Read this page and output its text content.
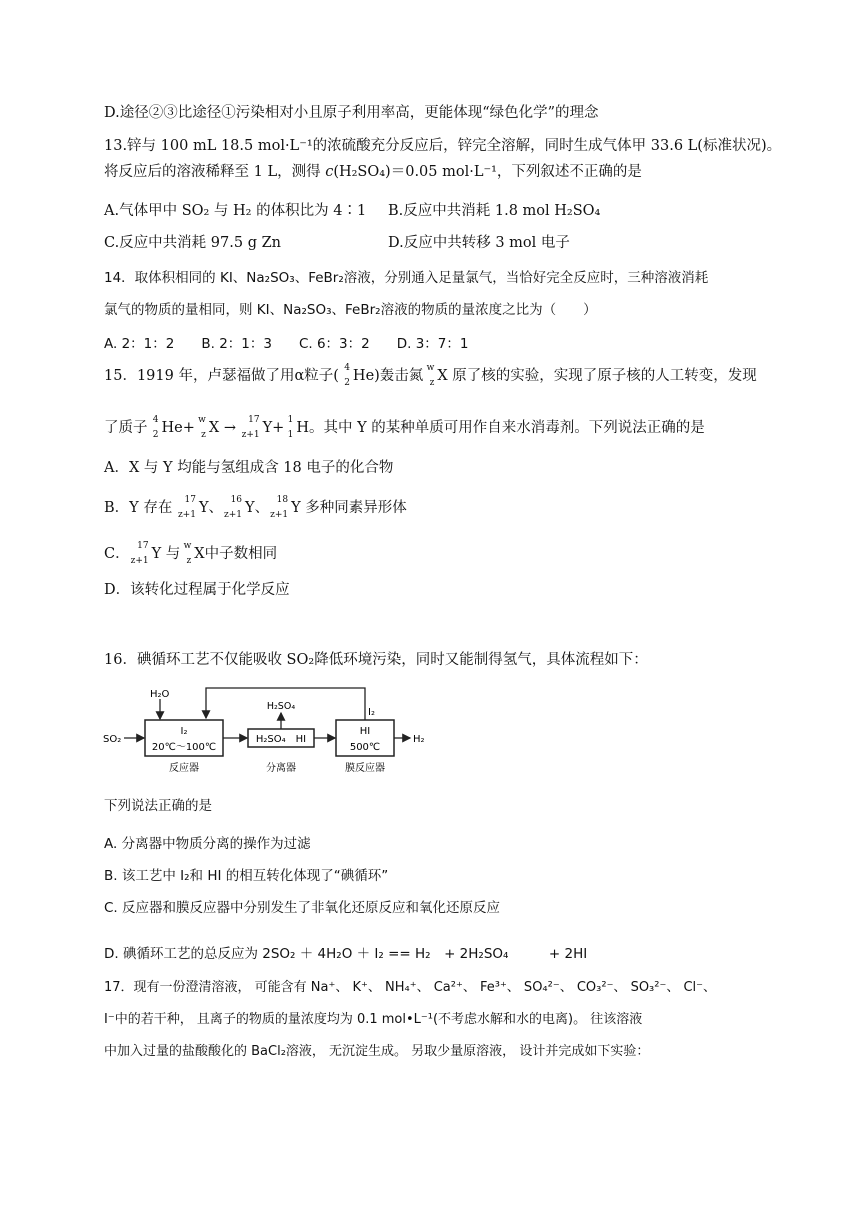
D.途径②③比途径①污染相对小且原子利用率高，更能体现“绿色化学”的理念
13.锌与 100 mL 18.5 mol·L⁻¹的浓硫酸充分反应后，锌完全溶解，同时生成气体甲 33.6 L(标准状况)。
将反应后的溶液稀释至 1 L，测得 c(H₂SO₄)＝0.05 mol·L⁻¹，下列叙述不正确的是
A.气体甲中 SO₂ 与 H₂ 的体积比为 4∶1 B.反应中共消耗 1.8 mol H₂SO₄
C.反应中共消耗 97.5 g Zn	D.反应中共转移 3 mol 电子
14．取体积相同的 KI、Na₂SO₃、FeBr₂溶液，分别通入足量氯气，当恰好完全反应时，三种溶液消耗
氯气的物质的量相同，则 KI、Na₂SO₃、FeBr₂溶液的物质的量浓度之比为（　　）
A. 2：1：2　　B. 2：1：3　　C. 6：3：2　　D. 3：7：1
15．1919 年，卢瑟福做了用α粒子( 4
2 He)轰击氮 w
z X 原了核的实验，实现了原子核的人工转变，发现
了质子 4
2 He+ w
z X → 17
z+1 Y+ 1
1 H。其中 Y 的某种单质可用作自来水消毒剂。下列说法正确的是
A．X 与 Y 均能与氢组成含 18 电子的化合物
B．Y 存在 17
z+1 Y、 16
z+1 Y、 18
z+1 Y 多种同素异形体
C． 17
z+1 Y 与 w
z X中子数相同
D．该转化过程属于化学反应
16．碘循环工艺不仅能吸收 SO₂降低环境污染，同时又能制得氢气，具体流程如下：
SO₂
H₂O
I₂
I₂
20℃～100℃
反应器
H₂SO₄
H₂SO₄　HI
分离器
HI
500℃
膜反应器
H₂
下列说法正确的是
A. 分离器中物质分离的操作为过滤
B. 该工艺中 I₂和 HI 的相互转化体现了“碘循环”
C. 反应器和膜反应器中分别发生了非氧化还原反应和氧化还原反应
D. 碘循环工艺的总反应为 2SO₂ ＋ 4H₂O ＋ I₂ == H₂　+ 2H₂SO₄　　　+ 2HI
17．现有一份澄清溶液， 可能含有 Na⁺、 K⁺、 NH₄⁺、 Ca²⁺、 Fe³⁺、 SO₄²⁻、 CO₃²⁻、 SO₃²⁻、 Cl⁻、
I⁻中的若干种， 且离子的物质的量浓度均为 0.1 mol•L⁻¹(不考虑水解和水的电离)。 往该溶液
中加入过量的盐酸酸化的 BaCl₂溶液， 无沉淀生成。 另取少量原溶液， 设计并完成如下实验：
